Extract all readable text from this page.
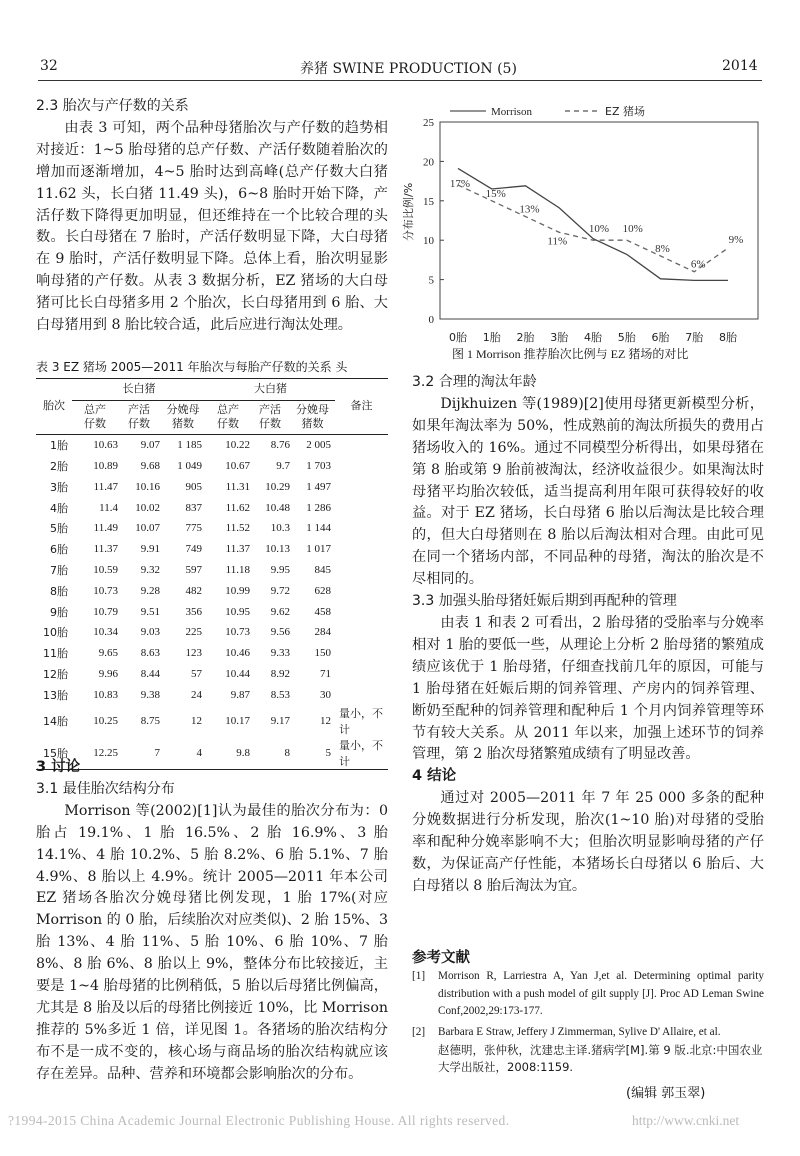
32	养猪 SWINE PRODUCTION (5)	2014
2.3 胎次与产仔数的关系

由表 3 可知，两个品种母猪胎次与产仔数的趋势相对接近：1~5 胎母猪的总产仔数、产活仔数随着胎次的增加而逐渐增加，4~5 胎时达到高峰(总产仔数大白猪 11.62 头，长白猪 11.49 头)，6~8 胎时开始下降，产活仔数下降得更加明显，但还维持在一个比较合理的头数。长白母猪在 7 胎时，产活仔数明显下降，大白母猪在 9 胎时，产活仔数明显下降。总体上看，胎次明显影响母猪的产仔数。从表 3 数据分析，EZ 猪场的大白母猪可比长白母猪多用 2 个胎次，长白母猪用到 6 胎、大白母猪用到 8 胎比较合适，此后应进行淘汰处理。

表 3 EZ 猪场 2005—2011 年胎次与每胎产仔数的关系 头
胎次	长白猪			大白猪			备注
	总产仔数	产活仔数	分娩母猪数	总产仔数	产活仔数	分娩母猪数	
1胎	10.63	9.07	1 185	10.22	8.76	2 005	
2胎	10.89	9.68	1 049	10.67	9.7	1 703	
3胎	11.47	10.16	905	11.31	10.29	1 497	
4胎	11.4	10.02	837	11.62	10.48	1 286	
5胎	11.49	10.07	775	11.52	10.3	1 144	
6胎	11.37	9.91	749	11.37	10.13	1 017	
7胎	10.59	9.32	597	11.18	9.95	845	
8胎	10.73	9.28	482	10.99	9.72	628	
9胎	10.79	9.51	356	10.95	9.62	458	
10胎	10.34	9.03	225	10.73	9.56	284	
11胎	9.65	8.63	123	10.46	9.33	150	
12胎	9.96	8.44	57	10.44	8.92	71	
13胎	10.83	9.38	24	9.87	8.53	30	
14胎	10.25	8.75	12	10.17	9.17	12	量小，不计
15胎	12.25	7	4	9.8	8	5	量小，不计
3 讨论
3.1 最佳胎次结构分布

Morrison 等(2002)[1]认为最佳的胎次分布为：0 胎占 19.1%、1 胎 16.5%、2 胎 16.9%、3 胎 14.1%、4 胎 10.2%、5 胎 8.2%、6 胎 5.1%、7 胎 4.9%、8 胎以上 4.9%。统计 2005—2011 年本公司 EZ 猪场各胎次分娩母猪比例发现，1 胎 17%(对应 Morrison 的 0 胎，后续胎次对应类似)、2 胎 15%、3 胎 13%、4 胎 11%、5 胎 10%、6 胎 10%、7 胎 8%、8 胎 6%、8 胎以上 9%，整体分布比较接近，主要是 1~4 胎母猪的比例稍低，5 胎以后母猪比例偏高，尤其是 8 胎及以后的母猪比例接近 10%，比 Morrison 推荐的 5%多近 1 倍，详见图 1。各猪场的胎次结构分布不是一成不变的，核心场与商品场的胎次结构就应该存在差异。品种、营养和环境都会影响胎次的分布。

Morrison	EZ 猪场
分布比例/%
0
5
10
15
20
25
0胎 1胎 2胎 3胎 4胎 5胎 6胎 7胎 8胎
17%
15%
13%
11%
10% 10%
8%
6%
9%
图 1 Morrison 推荐胎次比例与 EZ 猪场的对比
3.2 合理的淘汰年龄

Dijkhuizen 等(1989)[2]使用母猪更新模型分析，如果年淘汰率为 50%，性成熟前的淘汰所损失的费用占猪场收入的 16%。通过不同模型分析得出，如果母猪在第 8 胎或第 9 胎前被淘汰，经济收益很少。如果淘汰时母猪平均胎次较低，适当提高利用年限可获得较好的收益。对于 EZ 猪场，长白母猪 6 胎以后淘汰是比较合理的，但大白母猪则在 8 胎以后淘汰相对合理。由此可见在同一个猪场内部，不同品种的母猪，淘汰的胎次是不尽相同的。

3.3 加强头胎母猪妊娠后期到再配种的管理

由表 1 和表 2 可看出，2 胎母猪的受胎率与分娩率相对 1 胎的要低一些，从理论上分析 2 胎母猪的繁殖成绩应该优于 1 胎母猪，仔细查找前几年的原因，可能与 1 胎母猪在妊娠后期的饲养管理、产房内的饲养管理、断奶至配种的饲养管理和配种后 1 个月内饲养管理等环节有较大关系。从 2011 年以来，加强上述环节的饲养管理，第 2 胎次母猪繁殖成绩有了明显改善。

4 结论

通过对 2005—2011 年 7 年 25 000 多条的配种分娩数据进行分析发现，胎次(1~10 胎)对母猪的受胎率和配种分娩率影响不大；但胎次明显影响母猪的产仔数，为保证高产仔性能，本猪场长白母猪以 6 胎后、大白母猪以 8 胎后淘汰为宜。

参考文献
[1] Morrison R, Larriestra A, Yan J,et al. Determining optimal parity distribution with a push model of gilt supply [J]. Proc AD Leman Swine Conf,2002,29:173-177.
[2] Barbara E Straw, Jeffery J Zimmerman, Sylive D' Allaire, et al.
赵德明，张仲秋，沈建忠主译.猪病学[M].第 9 版.北京:中国农业大学出版社，2008:1159.
(编辑 郭玉翠)
?1994-2015 China Academic Journal Electronic Publishing House. All rights reserved.	http://www.cnki.net
